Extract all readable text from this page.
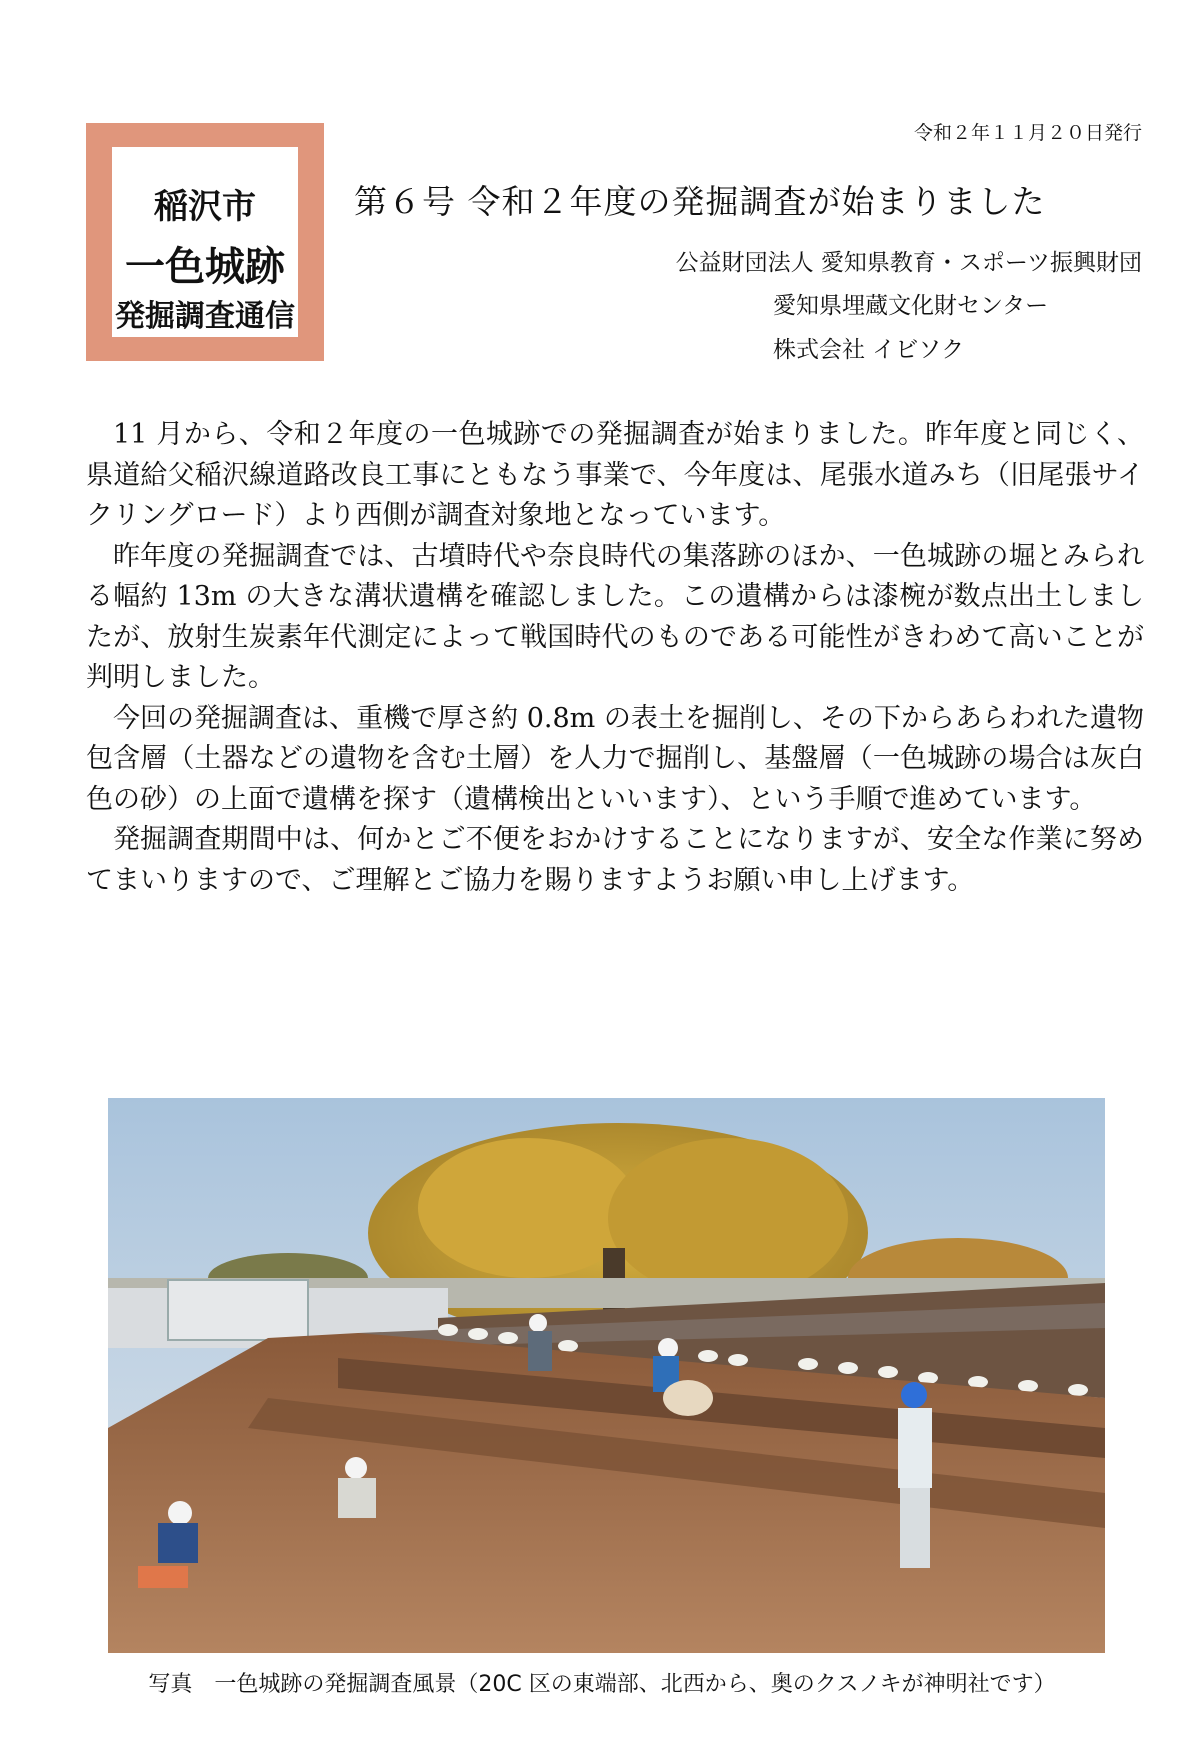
稲沢市
一色城跡
発掘調査通信
令和２年１１月２０日発行
第６号 令和２年度の発掘調査が始まりました
公益財団法人 愛知県教育・スポーツ振興財団
愛知県埋蔵文化財センター
株式会社 イビソク

11 月から、令和２年度の一色城跡での発掘調査が始まりました。昨年度と同じく、県道給父稲沢線道路改良工事にともなう事業で、今年度は、尾張水道みち（旧尾張サイクリングロード）より西側が調査対象地となっています。

昨年度の発掘調査では、古墳時代や奈良時代の集落跡のほか、一色城跡の堀とみられる幅約 13m の大きな溝状遺構を確認しました。この遺構からは漆椀が数点出土しましたが、放射生炭素年代測定によって戦国時代のものである可能性がきわめて高いことが判明しました。

今回の発掘調査は、重機で厚さ約 0.8m の表土を掘削し、その下からあらわれた遺物包含層（土器などの遺物を含む土層）を人力で掘削し、基盤層（一色城跡の場合は灰白色の砂）の上面で遺構を探す（遺構検出といいます）、という手順で進めています。

発掘調査期間中は、何かとご不便をおかけすることになりますが、安全な作業に努めてまいりますので、ご理解とご協力を賜りますようお願い申し上げます。

写真　一色城跡の発掘調査風景（20C 区の東端部、北西から、奥のクスノキが神明社です）
